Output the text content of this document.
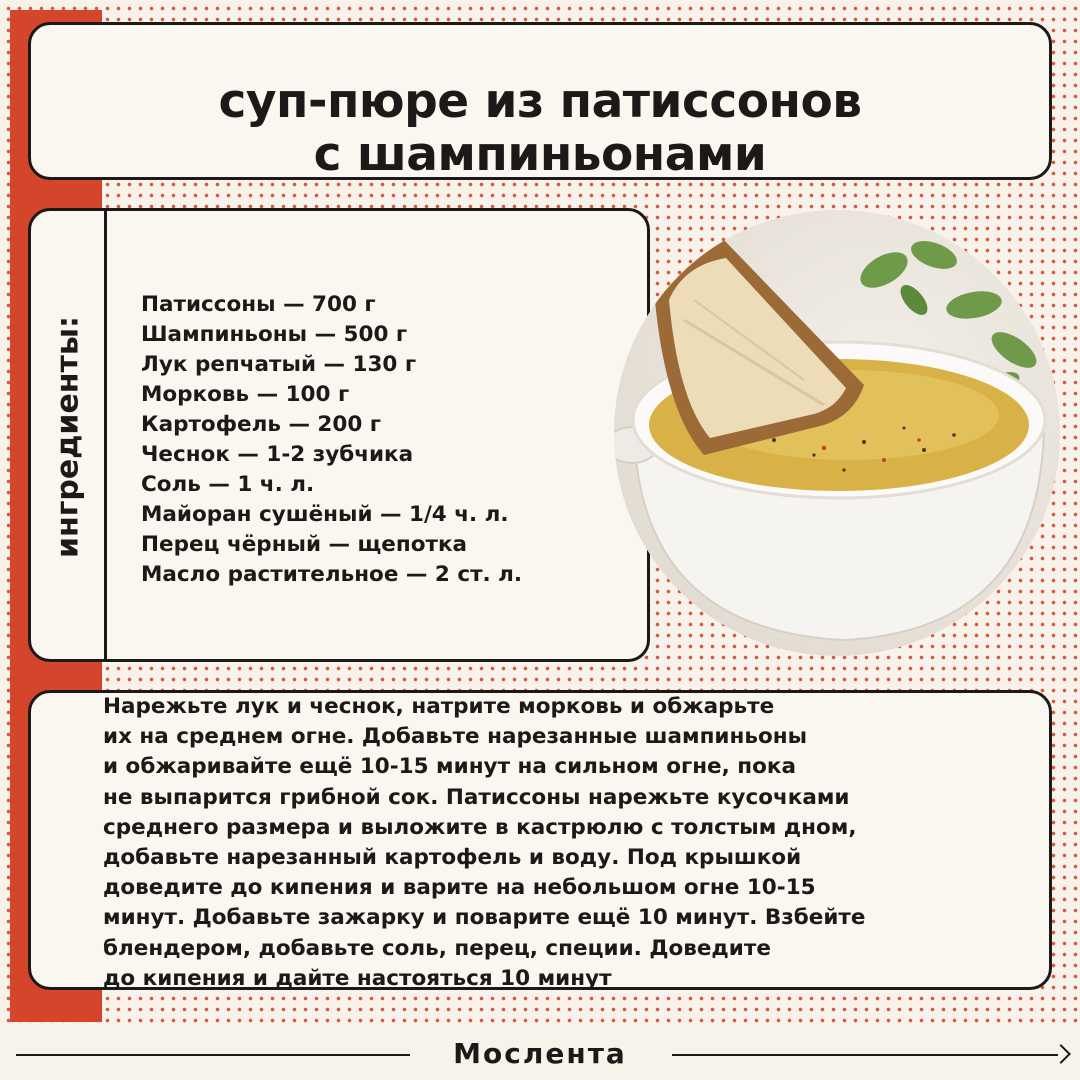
суп-пюре из патиссонов
с шампиньонами
ингредиенты:
Патиссоны — 700 г
Шампиньоны — 500 г
Лук репчатый — 130 г
Морковь — 100 г
Картофель — 200 г
Чеснок — 1-2 зубчика
Соль — 1 ч. л.
Майоран сушёный — 1/4 ч. л.
Перец чёрный — щепотка
Масло растительное — 2 ст. л.
Нарежьте лук и чеснок, натрите морковь и обжарьте
их на среднем огне. Добавьте нарезанные шампиньоны
и обжаривайте ещё 10-15 минут на сильном огне, пока
не выпарится грибной сок. Патиссоны нарежьте кусочками
среднего размера и выложите в кастрюлю с толстым дном,
добавьте нарезанный картофель и воду. Под крышкой
доведите до кипения и варите на небольшом огне 10-15
минут. Добавьте зажарку и поварите ещё 10 минут. Взбейте
блендером, добавьте соль, перец, специи. Доведите
до кипения и дайте настояться 10 минут
Мослента
